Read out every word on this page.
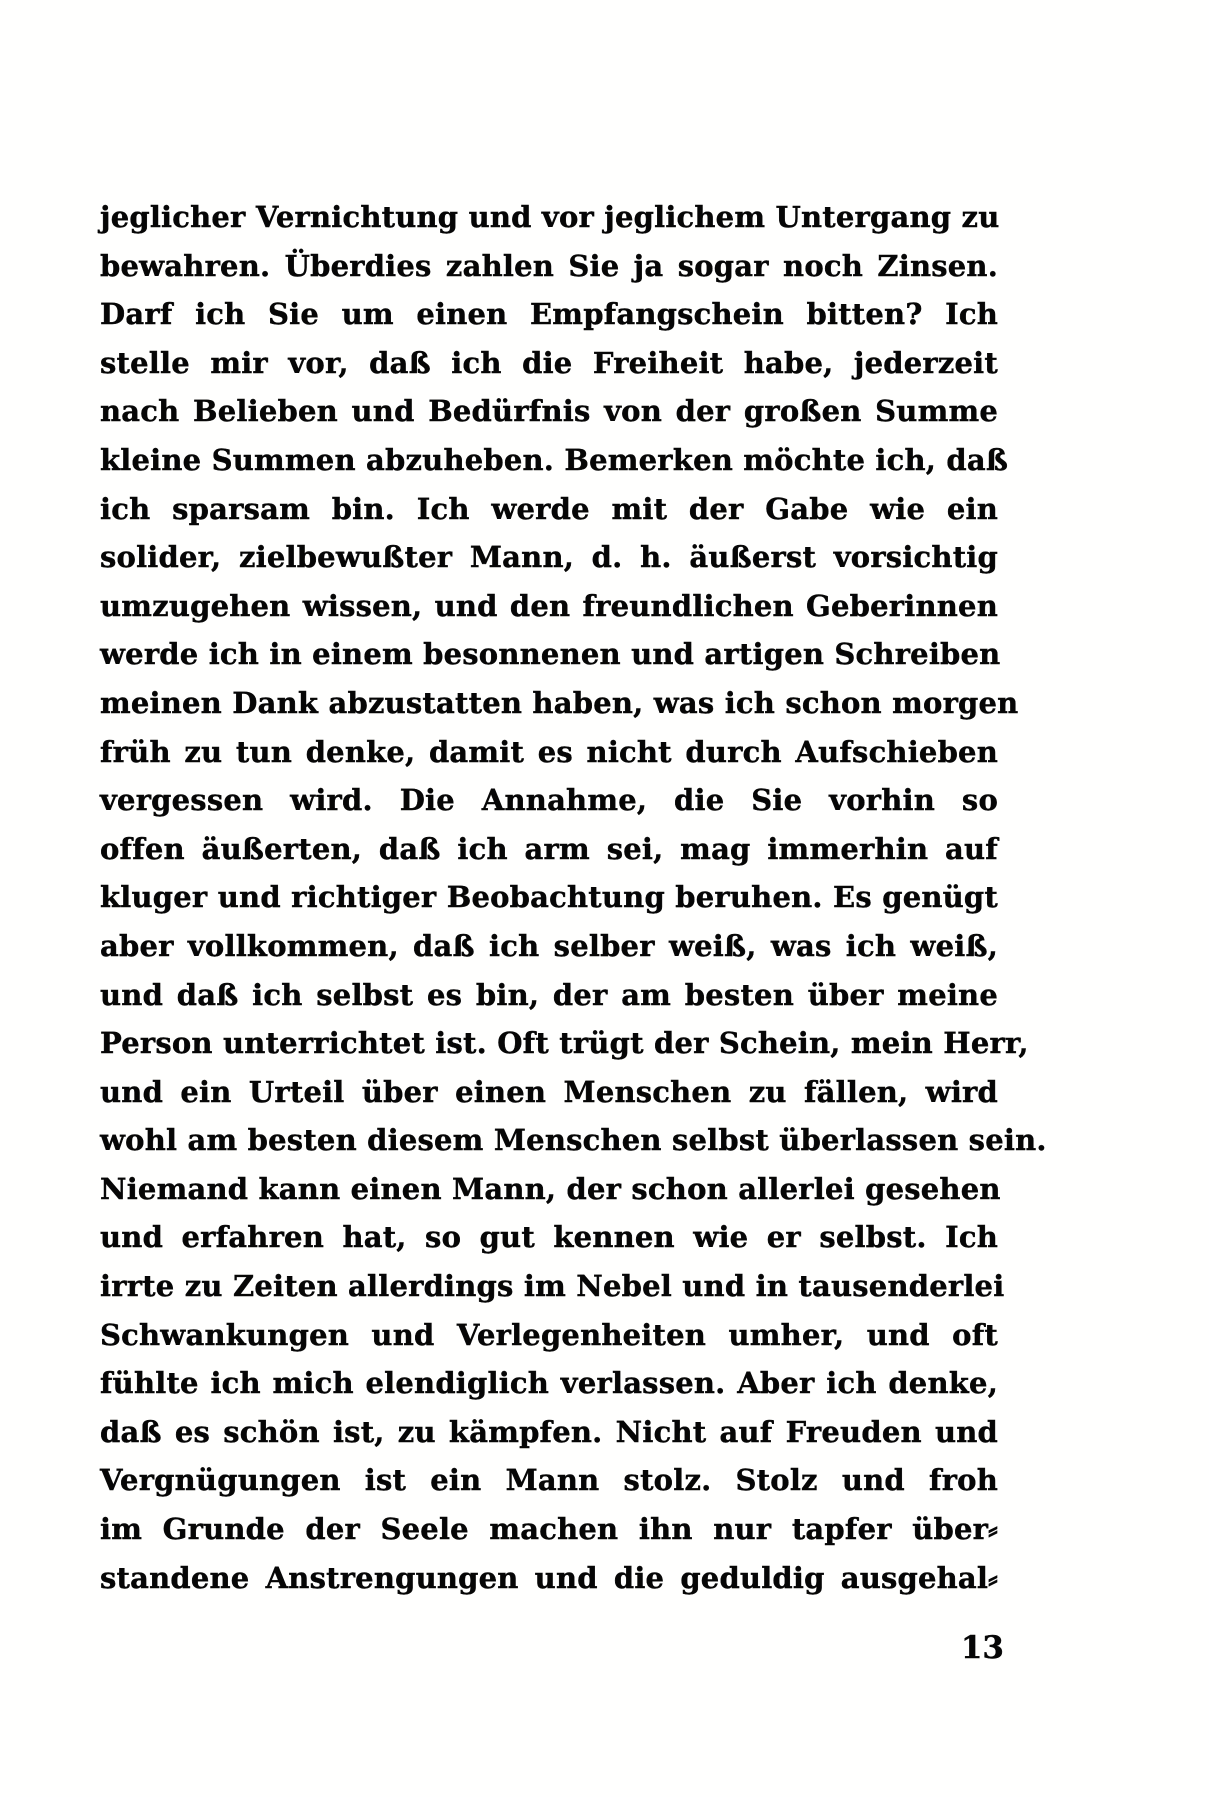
jeglicher Vernichtung und vor jeglichem Untergang zu
bewahren. Überdies zahlen Sie ja sogar noch Zinsen.
Darf ich Sie um einen Empfangschein bitten? Ich
stelle mir vor, daß ich die Freiheit habe, jederzeit
nach Belieben und Bedürfnis von der großen Summe
kleine Summen abzuheben. Bemerken möchte ich, daß
ich sparsam bin. Ich werde mit der Gabe wie ein
solider, zielbewußter Mann, d. h. äußerst vorsichtig
umzugehen wissen, und den freundlichen Geberinnen
werde ich in einem besonnenen und artigen Schreiben
meinen Dank abzustatten haben, was ich schon morgen
früh zu tun denke, damit es nicht durch Aufschieben
vergessen wird. Die Annahme, die Sie vorhin so
offen äußerten, daß ich arm sei, mag immerhin auf
kluger und richtiger Beobachtung beruhen. Es genügt
aber vollkommen, daß ich selber weiß, was ich weiß,
und daß ich selbst es bin, der am besten über meine
Person unterrichtet ist. Oft trügt der Schein, mein Herr,
und ein Urteil über einen Menschen zu fällen, wird
wohl am besten diesem Menschen selbst überlassen sein.
Niemand kann einen Mann, der schon allerlei gesehen
und erfahren hat, so gut kennen wie er selbst. Ich
irrte zu Zeiten allerdings im Nebel und in tausenderlei
Schwankungen und Verlegenheiten umher, und oft
fühlte ich mich elendiglich verlassen. Aber ich denke,
daß es schön ist, zu kämpfen. Nicht auf Freuden und
Vergnügungen ist ein Mann stolz. Stolz und froh
im Grunde der Seele machen ihn nur tapfer über⸗
standene Anstrengungen und die geduldig ausgehal⸗
13
